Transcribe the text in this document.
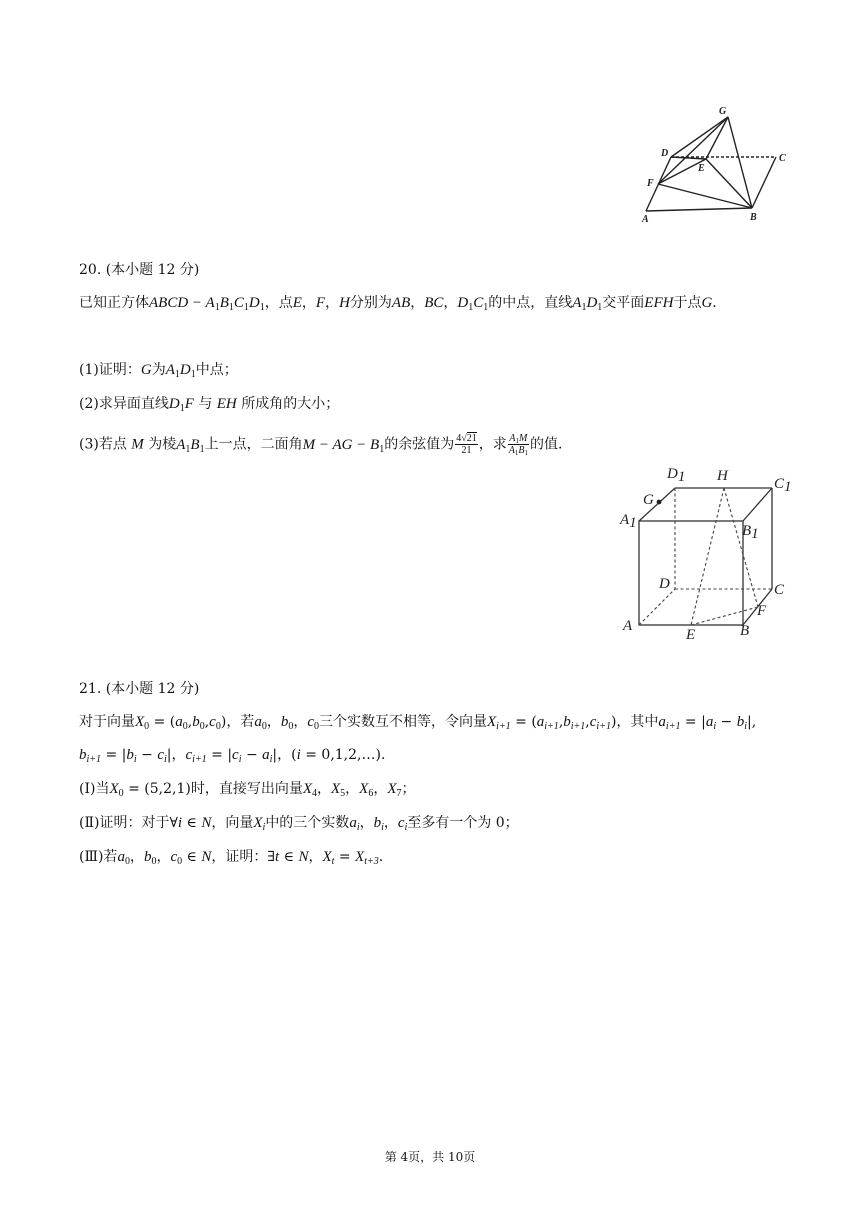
G
D	C
E
F
A	B
20. (本小题 12 分)
已知正方体ABCD − $A_1B_1C_1D_1$，点E，F，H分别为AB，BC，$D_1C_1$的中点，直线$A_1D_1$交平面EFH于点G.
(1)证明：G为$A_1D_1$中点；
(2)求异面直线$D_1F$ 与 EH 所成角的大小；
(3)若点 M 为棱$A_1B_1$上一点，二面角M − AG − $B_1$的余弦值为 $\frac{4√21}{21}$ ，求 $\frac{A_1M}{A_1B_1}$ 的值.
D1 H	C1
G
A1	B1
D	C
F
A
E	B
21. (本小题 12 分)
对于向量$X_0 = (a_0,b_0,c_0)$，若$a_0$，$b_0$，$c_0$三个实数互不相等，令向量$X_{i+1} = (a_{i+1},b_{i+1},c_{i+1})$，其中$a_{i+1} = |a_i - b_i|$,
$b_{i+1} = |b_i - c_i|$，$c_{i+1} = |c_i - a_i|$，(i = 0,1,2,…).
(Ⅰ)当$X_0 = (5,2,1)$时，直接写出向量$X_4$，$X_5$，$X_6$，$X_7$；
(Ⅱ)证明：对于∀i ∈ N，向量$X_i$中的三个实数$a_i$，$b_i$，$c_i$至多有一个为 0；
(Ⅲ)若$a_0$，$b_0$，$c_0$ ∈ N，证明：∃t ∈ N，$X_t = X_{t+3}$.
第 4页，共 10页
